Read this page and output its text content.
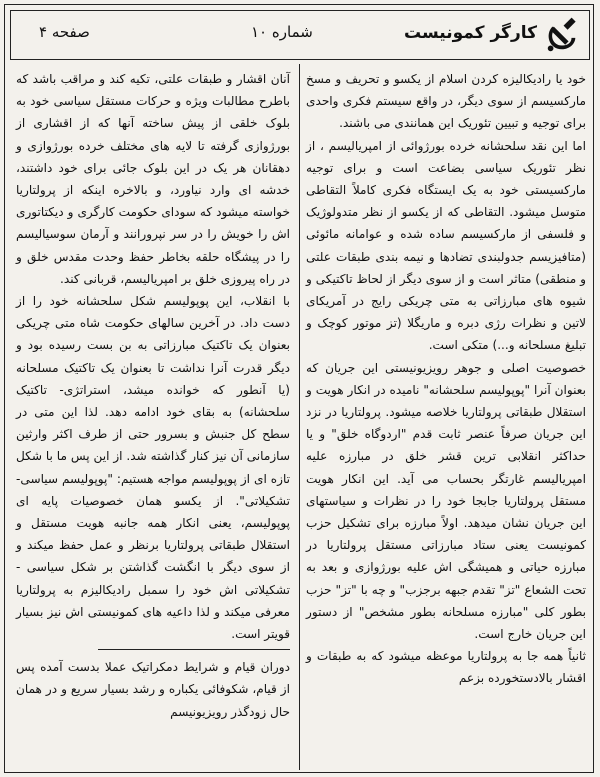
کارگر کمونیست
شماره ۱۰
صفحه ۴

خود یا رادیکالیزه کردن اسلام از یکسو و تحریف و مسخ مارکسیسم از سوی دیگر، در واقع سیستم فکری واحدی برای توجیه و تبیین تئوریک این همانندی می باشند.

اما این نقد سلحشانه خرده بورژوائی از امپریالیسم ، از نظر تئوریک سیاسی بضاعت است و برای توجیه مارکسیستی خود به یک ایستگاه فکری کاملاً التقاطی متوسل میشود. التقاطی که از یکسو از نظر متدولوژیک و فلسفی از مارکسیسم ساده شده و عوامانه مائوئی (متافیزیسم جدولبندی تضادها و نیمه بندی طبقات علتی و منطقی) متاثر است و از سوی دیگر از لحاظ تاکتیکی و شیوه های مبارزاتی به متی چریکی رایج در آمریکای لاتین و نظرات رژی دبره و ماریگلا (تز موتور کوچک و تبلیغ مسلحانه و...) متکی است.

خصوصیت اصلی و جوهر رویزیونیستی این جریان که بعنوان آنرا "پوپولیسم سلحشانه" نامیده در انکار هویت و استقلال طبقاتی پرولتاریا خلاصه میشود. پرولتاریا در نزد این جریان صرفاً عنصر ثابت قدم "اردوگاه خلق" و یا حداکثر انقلابی ترین قشر خلق در مبارزه علیه امپریالیسم غارتگر بحساب می آید. این انکار هویت مستقل پرولتاریا جابجا خود را در نظرات و سیاستهای این جریان نشان میدهد. اولاً مبارزه برای تشکیل حزب کمونیست یعنی ستاد مبارزاتی مستقل پرولتاریا در مبارزه حیاتی و همیشگی اش علیه بورژوازی و بعد به تحت الشعاع "تز" تقدم جبهه برجزب" و چه با "تز" حزب بطور کلی "مبارزه مسلحانه بطور مشخص" از دستور این جریان خارج است.

ثانیاً همه جا به پرولتاریا موعظه میشود که به طبقات و اقشار بالادستخورده بزعم

آنان اقشار و طبقات علتی، تکیه کند و مراقب باشد که باطرح مطالبات ویژه و حرکات مستقل سیاسی خود به بلوک خلقی از پیش ساخته آنها که از اقشاری از بورژوازی گرفته تا لایه های مختلف خرده بورژوازی و دهقانان هر یک در این بلوک جائی برای خود داشتند، خدشه ای وارد نیاورد، و بالاخره اینکه از پرولتاریا خواسته میشود که سودای حکومت کارگری و دیکتاتوری اش را خویش را در سر نپرورانند و آرمان سوسیالیسم را در پیشگاه حلقه بخاطر حفظ وحدت مقدس خلق و در راه پیروزی خلق بر امپریالیسم، قربانی کند.

با انقلاب، این پوپولیسم شکل سلحشانه خود را از دست داد. در آخرین سالهای حکومت شاه متی چریکی بعنوان یک تاکتیک مبارزاتی به بن بست رسیده بود و دیگر قدرت آنرا نداشت تا بعنوان یک تاکتیک مسلحانه (یا آنطور که خوانده میشد، استراتژی- تاکتیک سلحشانه) به بقای خود ادامه دهد. لذا این متی در سطح کل جنبش و بسرور حتی از طرف اکثر وارثین سازمانی آن نیز کنار گذاشته شد. از این پس ما با شکل تازه ای از پوپولیسم مواجه هستیم: "پوپولیسم سیاسی-تشکیلاتی". از یکسو همان خصوصیات پایه ای پوپولیسم، یعنی انکار همه جانبه هویت مستقل و استقلال طبقاتی پرولتاریا برنظر و عمل حفظ میکند و از سوی دیگر با انگشت گذاشتن بر شکل سیاسی - تشکیلاتی اش خود را سمبل رادیکالیزم به پرولتاریا معرفی میکند و لذا داعیه های کمونیستی اش نیز بسیار قویتر است.

دوران قیام و شرایط دمکراتیک عملا بدست آمده پس از قیام، شکوفائی یکباره و رشد بسیار سریع و در همان حال زودگذر رویزیونیسم
